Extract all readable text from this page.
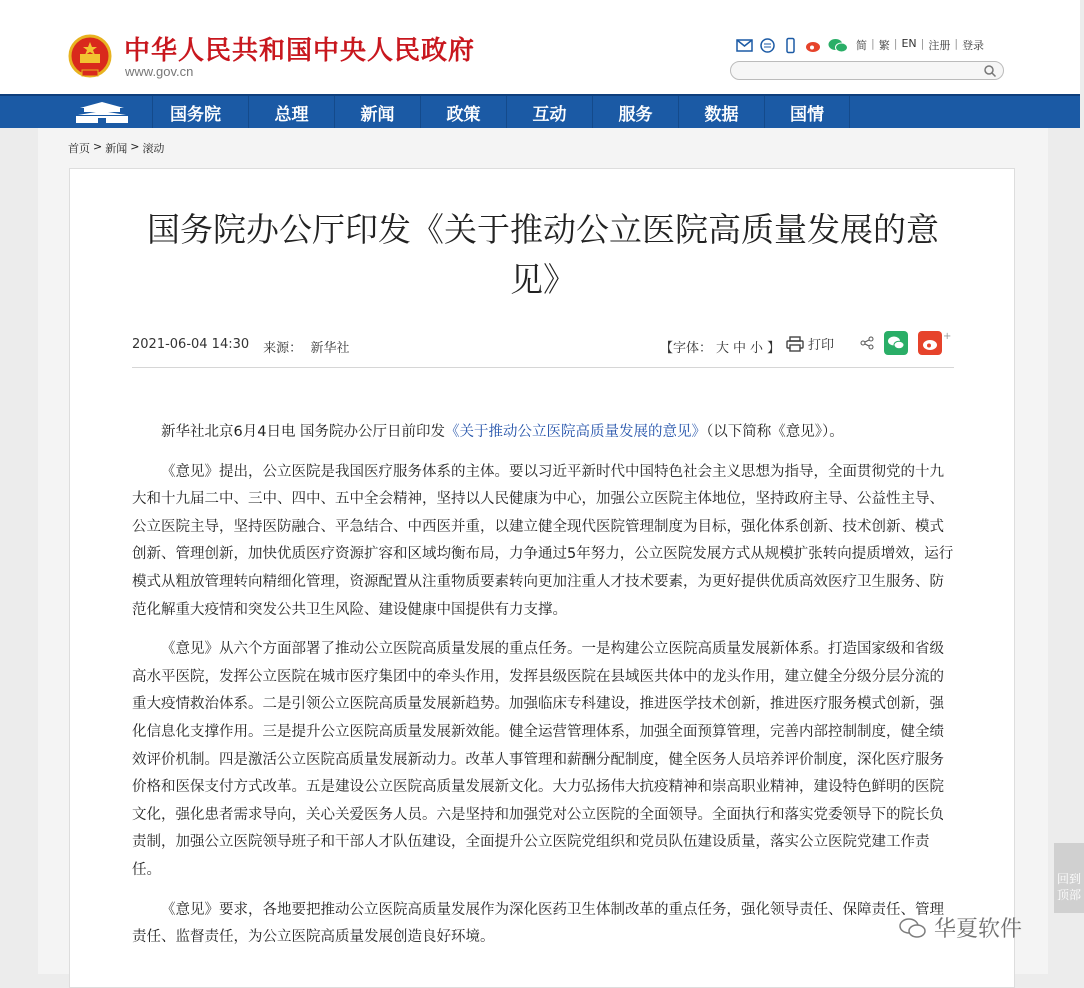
中华人民共和国中央人民政府
www.gov.cn
简 | 繁 | EN | 注册 | 登录
国务院	总理	新闻	政策	互动	服务	数据	国情
首页 > 新闻 > 滚动
国务院办公厅印发《关于推动公立医院高质量发展的意见》
2021-06-04 14:30 来源： 新华社	【字体： 大 中 小 】 打印
+

新华社北京6月4日电 国务院办公厅日前印发《关于推动公立医院高质量发展的意见》（以下简称《意见》）。

《意见》提出，公立医院是我国医疗服务体系的主体。要以习近平新时代中国特色社会主义思想为指导，全面贯彻党的十九大和十九届二中、三中、四中、五中全会精神，坚持以人民健康为中心，加强公立医院主体地位，坚持政府主导、公益性主导、公立医院主导，坚持医防融合、平急结合、中西医并重，以建立健全现代医院管理制度为目标，强化体系创新、技术创新、模式创新、管理创新，加快优质医疗资源扩容和区域均衡布局，力争通过5年努力，公立医院发展方式从规模扩张转向提质增效，运行模式从粗放管理转向精细化管理，资源配置从注重物质要素转向更加注重人才技术要素，为更好提供优质高效医疗卫生服务、防范化解重大疫情和突发公共卫生风险、建设健康中国提供有力支撑。

《意见》从六个方面部署了推动公立医院高质量发展的重点任务。一是构建公立医院高质量发展新体系。打造国家级和省级高水平医院，发挥公立医院在城市医疗集团中的牵头作用，发挥县级医院在县域医共体中的龙头作用，建立健全分级分层分流的重大疫情救治体系。二是引领公立医院高质量发展新趋势。加强临床专科建设，推进医学技术创新，推进医疗服务模式创新，强化信息化支撑作用。三是提升公立医院高质量发展新效能。健全运营管理体系，加强全面预算管理，完善内部控制制度，健全绩效评价机制。四是激活公立医院高质量发展新动力。改革人事管理和薪酬分配制度，健全医务人员培养评价制度，深化医疗服务价格和医保支付方式改革。五是建设公立医院高质量发展新文化。大力弘扬伟大抗疫精神和崇高职业精神，建设特色鲜明的医院文化，强化患者需求导向，关心关爱医务人员。六是坚持和加强党对公立医院的全面领导。全面执行和落实党委领导下的院长负责制，加强公立医院领导班子和干部人才队伍建设，全面提升公立医院党组织和党员队伍建设质量，落实公立医院党建工作责任。

《意见》要求，各地要把推动公立医院高质量发展作为深化医药卫生体制改革的重点任务，强化领导责任、保障责任、管理责任、监督责任，为公立医院高质量发展创造良好环境。

回到顶部
华夏软件
